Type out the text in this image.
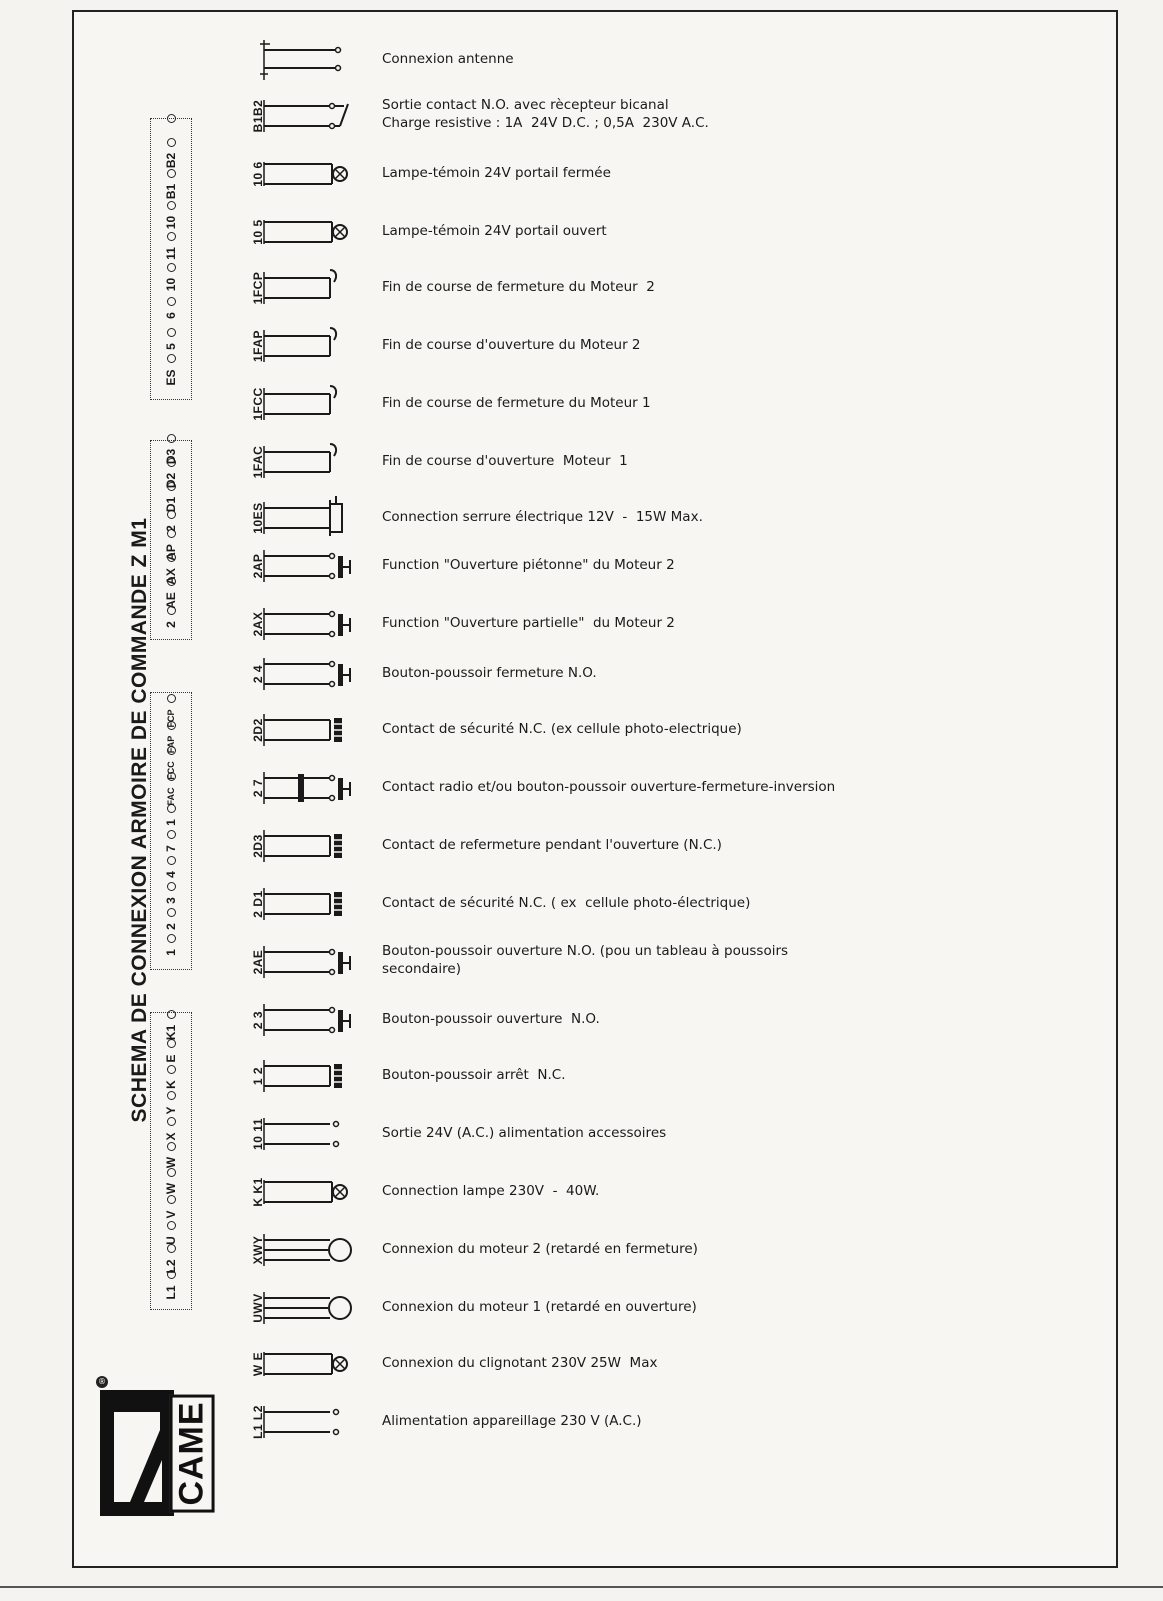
SCHEMA DE CONNEXION ARMOIRE DE COMMANDE Z M1
ES
5
6
10
11
10
B1
B2
2
AE
AX
AP
2
D1
D2
D3
1
2
3
4
7
1
FAC
FCC
FAP
FCP
L1
L2
U
V
W
W
X
Y
K
E
K1
Connexion antenne
B1B2	Sortie contact N.O. avec rècepteur bicanal
Charge resistive : 1A  24V D.C. ; 0,5A  230V A.C.
10 6	Lampe-témoin 24V portail fermée
10 5	Lampe-témoin 24V portail ouvert
1FCP	Fin de course de fermeture du Moteur  2
1FAP	Fin de course d'ouverture du Moteur 2
1FCC	Fin de course de fermeture du Moteur 1
1FAC	Fin de course d'ouverture  Moteur  1
10ES	Connection serrure électrique 12V  -  15W Max.
2AP	Function "Ouverture piétonne" du Moteur 2
2AX	Function "Ouverture partielle"  du Moteur 2
2 4	Bouton-poussoir fermeture N.O.
2D2	Contact de sécurité N.C. (ex cellule photo-electrique)
2 7	Contact radio et/ou bouton-poussoir ouverture-fermeture-inversion
2D3	Contact de refermeture pendant l'ouverture (N.C.)
2 D1	Contact de sécurité N.C. ( ex  cellule photo-électrique)
2AE	Bouton-poussoir ouverture N.O. (pou un tableau à poussoirs
secondaire)
2 3	Bouton-poussoir ouverture  N.O.
1 2	Bouton-poussoir arrêt  N.C.
10 11	Sortie 24V (A.C.) alimentation accessoires
K K1	Connection lampe 230V  -  40W.
XWY	Connexion du moteur 2 (retardé en fermeture)
UWV	Connexion du moteur 1 (retardé en ouverture)
W E	Connexion du clignotant 230V 25W  Max
L1 L2	Alimentation appareillage 230 V (A.C.)
®
CAME
